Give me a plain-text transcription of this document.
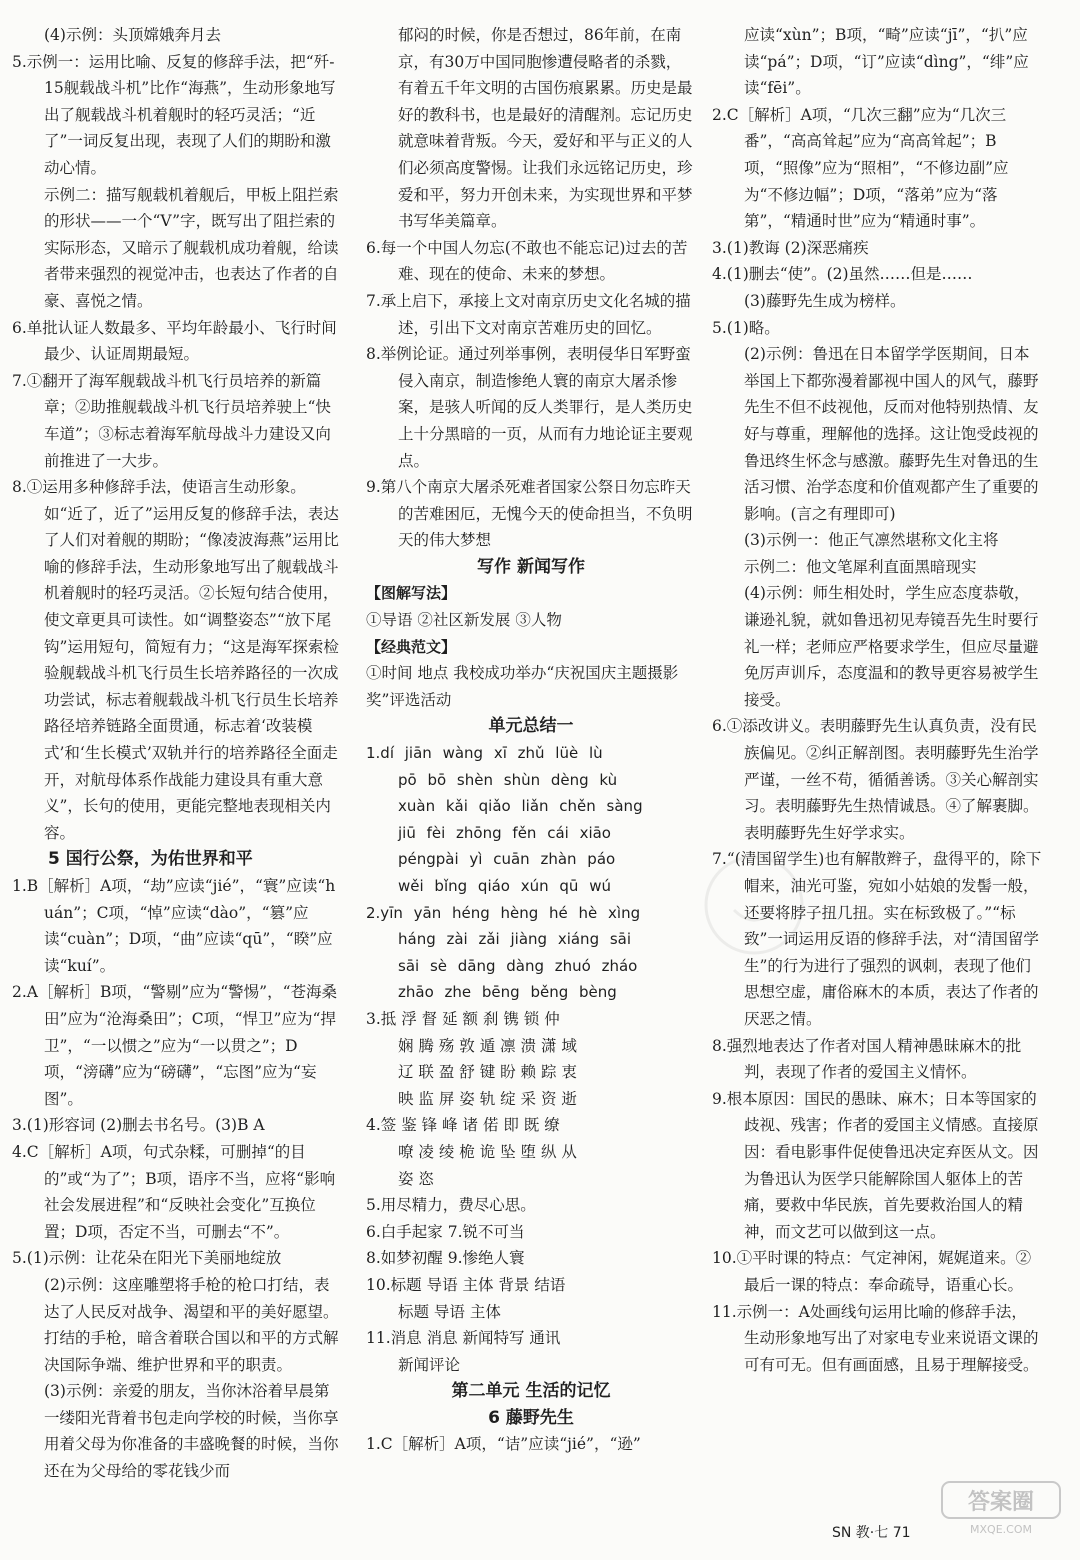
(4)示例：头顶嫦娥奔月去

5.示例一：运用比喻、反复的修辞手法，把“歼-15舰载战斗机”比作“海燕”，生动形象地写出了舰载战斗机着舰时的轻巧灵活；“近了”一词反复出现，表现了人们的期盼和激动心情。

示例二：描写舰载机着舰后，甲板上阻拦索的形状——一个“V”字，既写出了阻拦索的实际形态，又暗示了舰载机成功着舰，给读者带来强烈的视觉冲击，也表达了作者的自豪、喜悦之情。

6.单批认证人数最多、平均年龄最小、飞行时间最少、认证周期最短。

7.①翻开了海军舰载战斗机飞行员培养的新篇章；②助推舰载战斗机飞行员培养驶上“快车道”；③标志着海军航母战斗力建设又向前推进了一大步。

8.①运用多种修辞手法，使语言生动形象。如“近了，近了”运用反复的修辞手法，表达了人们对着舰的期盼；“像凌波海燕”运用比喻的修辞手法，生动形象地写出了舰载战斗机着舰时的轻巧灵活。②长短句结合使用，使文章更具可读性。如“调整姿态”“放下尾钩”运用短句，简短有力；“这是海军探索检验舰载战斗机飞行员生长培养路径的一次成功尝试，标志着舰载战斗机飞行员生长培养路径培养链路全面贯通，标志着‘改装模式’和‘生长模式’双轨并行的培养路径全面走开，对航母体系作战能力建设具有重大意义”，长句的使用，更能完整地表现相关内容。

5 国行公祭，为佑世界和平

1.B［解析］A项，“劫”应读“jié”，“寰”应读“huán”；C项，“悼”应读“dào”，“篡”应读“cuàn”；D项，“曲”应读“qū”，“睽”应读“kuí”。

2.A［解析］B项，“警剔”应为“警惕”，“苍海桑田”应为“沧海桑田”；C项，“悍卫”应为“捍卫”，“一以惯之”应为“一以贯之”；D项，“滂礴”应为“磅礴”，“忘图”应为“妄图”。

3.(1)形容词 (2)删去书名号。(3)B A

4.C［解析］A项，句式杂糅，可删掉“的目的”或“为了”；B项，语序不当，应将“影响社会发展进程”和“反映社会变化”互换位置；D项，否定不当，可删去“不”。

5.(1)示例：让花朵在阳光下美丽地绽放

(2)示例：这座雕塑将手枪的枪口打结，表达了人民反对战争、渴望和平的美好愿望。打结的手枪，暗含着联合国以和平的方式解决国际争端、维护世界和平的职责。

(3)示例：亲爱的朋友，当你沐浴着早晨第一缕阳光背着书包走向学校的时候，当你享用着父母为你准备的丰盛晚餐的时候，当你还在为父母给的零花钱少而

郁闷的时候，你是否想过，86年前，在南京，有30万中国同胞惨遭侵略者的杀戮，有着五千年文明的古国伤痕累累。历史是最好的教科书，也是最好的清醒剂。忘记历史就意味着背叛。今天，爱好和平与正义的人们必须高度警惕。让我们永远铭记历史，珍爱和平，努力开创未来，为实现世界和平梦书写华美篇章。

6.每一个中国人勿忘(不敢也不能忘记)过去的苦难、现在的使命、未来的梦想。

7.承上启下，承接上文对南京历史文化名城的描述，引出下文对南京苦难历史的回忆。

8.举例论证。通过列举事例，表明侵华日军野蛮侵入南京，制造惨绝人寰的南京大屠杀惨案，是骇人听闻的反人类罪行，是人类历史上十分黑暗的一页，从而有力地论证主要观点。

9.第八个南京大屠杀死难者国家公祭日勿忘昨天的苦难困厄，无愧今天的使命担当，不负明天的伟大梦想

写作 新闻写作

【图解写法】

①导语 ②社区新发展 ③人物

【经典范文】

①时间 地点 我校成功举办“庆祝国庆主题摄影奖”评选活动

单元总结一

1.dí jiān wàng xī zhǔ lüè lù

pō bō shèn shùn dèng kù

xuàn kǎi qiǎo liǎn chěn sàng

jiū fèi zhōng fěn cái xiāo

péngpài yì cuān zhàn páo

wěi bǐng qiáo xún qū wú

2.yīn yān héng hèng hé hè xìng

háng zài zǎi jiàng xiáng sāi

sāi sè dāng dàng zhuó zháo

zhāo zhe bēng běng bèng

3.抵 浮 督 延 额 刹 镌 锁 仲

娴 腾 殇 敦 遁 凛 溃 潇 域

辽 联 盈 舒 键 盼 赖 踪 衷

映 监 屏 姿 轨 绽 采 资 逝

4.签 鉴 锋 峰 诸 偌 即 既 缭

嘹 凌 绫 桅 诡 坠 堕 纵 从

姿 恣

5.用尽精力，费尽心思。

6.白手起家 7.锐不可当

8.如梦初醒 9.惨绝人寰

10.标题 导语 主体 背景 结语

标题 导语 主体

11.消息 消息 新闻特写 通讯

新闻评论

第二单元 生活的记忆

6 藤野先生

1.C［解析］A项，“诘”应读“jié”，“逊”

应读“xùn”；B项，“畸”应读“jī”，“扒”应读“pá”；D项，“订”应读“dìng”，“绯”应读“fēi”。

2.C［解析］A项，“几次三翻”应为“几次三番”，“高高耸起”应为“高高耸起”；B项，“照像”应为“照相”，“不修边副”应为“不修边幅”；D项，“落弟”应为“落第”，“精通时世”应为“精通时事”。

3.(1)教诲 (2)深恶痛疾

4.(1)删去“使”。(2)虽然……但是……

(3)藤野先生成为榜样。

5.(1)略。

(2)示例：鲁迅在日本留学学医期间，日本举国上下都弥漫着鄙视中国人的风气，藤野先生不但不歧视他，反而对他特别热情、友好与尊重，理解他的选择。这让饱受歧视的鲁迅终生怀念与感激。藤野先生对鲁迅的生活习惯、治学态度和价值观都产生了重要的影响。(言之有理即可)

(3)示例一：他正气凛然堪称文化主将

示例二：他文笔犀利直面黑暗现实

(4)示例：师生相处时，学生应态度恭敬，谦逊礼貌，就如鲁迅初见寿镜吾先生时要行礼一样；老师应严格要求学生，但应尽量避免厉声训斥，态度温和的教导更容易被学生接受。

6.①添改讲义。表明藤野先生认真负责，没有民族偏见。②纠正解剖图。表明藤野先生治学严谨，一丝不苟，循循善诱。③关心解剖实习。表明藤野先生热情诚恳。④了解裹脚。表明藤野先生好学求实。

7.“(清国留学生)也有解散辫子，盘得平的，除下帽来，油光可鉴，宛如小姑娘的发髻一般，还要将脖子扭几扭。实在标致极了。”“标致”一词运用反语的修辞手法，对“清国留学生”的行为进行了强烈的讽刺，表现了他们思想空虚，庸俗麻木的本质，表达了作者的厌恶之情。

8.强烈地表达了作者对国人精神愚昧麻木的批判，表现了作者的爱国主义情怀。

9.根本原因：国民的愚昧、麻木；日本等国家的歧视、残害；作者的爱国主义情感。直接原因：看电影事件促使鲁迅决定弃医从文。因为鲁迅认为医学只能解除国人躯体上的苦痛，要救中华民族，首先要救治国人的精神，而文艺可以做到这一点。

10.①平时课的特点：气定神闲，娓娓道来。②最后一课的特点：奉命疏导，语重心长。

11.示例一：A处画线句运用比喻的修辞手法，生动形象地写出了对家电专业来说语文课的可有可无。但有画面感，且易于理解接受。

SN 教·七 71
答案圈
MXQE.COM
